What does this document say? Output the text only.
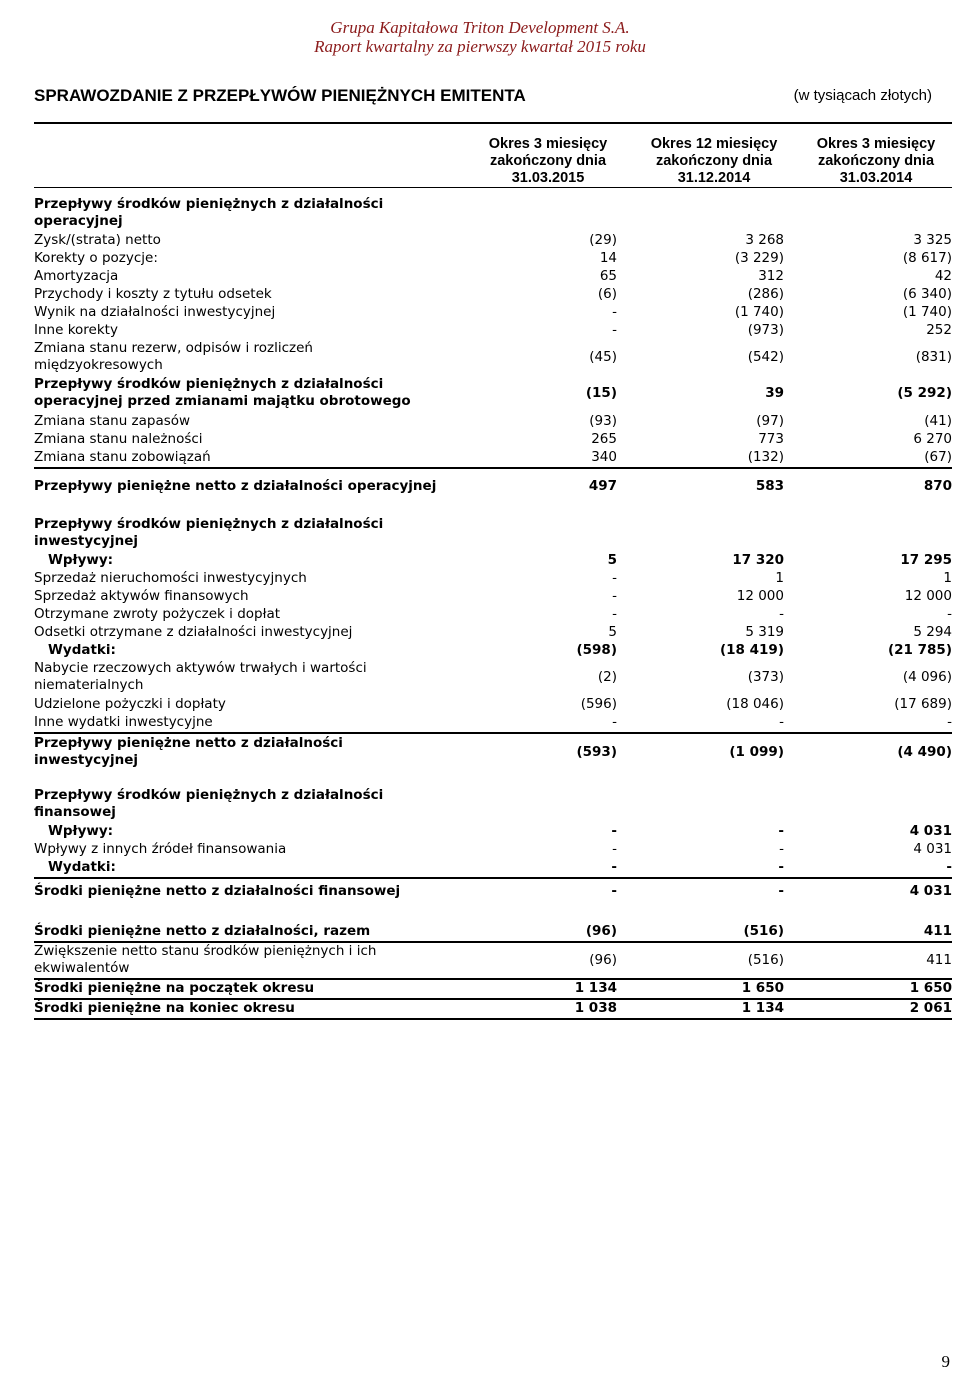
Grupa Kapitałowa Triton Development S.A.
Raport kwartalny za pierwszy kwartał 2015 roku
SPRAWOZDANIE Z PRZEPŁYWÓW PIENIĘŻNYCH EMITENTA	(w tysiącach złotych)
Okres 3 miesięcy
zakończony dnia
31.03.2015
Okres 12 miesięcy
zakończony dnia
31.12.2014
Okres 3 miesięcy
zakończony dnia
31.03.2014
Przepływy środków pieniężnych z działalności operacyjnej
Zysk/(strata) netto	(29)	3 268	3 325
Korekty o pozycje:	14	(3 229)	(8 617)
Amortyzacja	65	312	42
Przychody i koszty z tytułu odsetek	(6)	(286)	(6 340)
Wynik na działalności inwestycyjnej	-	(1 740)	(1 740)
Inne korekty	-	(973)	252
Zmiana stanu rezerw, odpisów i rozliczeń międzyokresowych	(45)	(542)	(831)
Przepływy środków pieniężnych z działalności operacyjnej przed zmianami majątku obrotowego	(15)	39	(5 292)
Zmiana stanu zapasów	(93)	(97)	(41)
Zmiana stanu należności	265	773	6 270
Zmiana stanu zobowiązań	340	(132)	(67)
Przepływy pieniężne netto z działalności operacyjnej	497	583	870
Przepływy środków pieniężnych z działalności inwestycyjnej
Wpływy:	5	17 320	17 295
Sprzedaż nieruchomości inwestycyjnych	-	1	1
Sprzedaż aktywów finansowych	-	12 000	12 000
Otrzymane zwroty pożyczek i dopłat	-	-	-
Odsetki otrzymane z działalności inwestycyjnej	5	5 319	5 294
Wydatki:	(598)	(18 419)	(21 785)
Nabycie rzeczowych aktywów trwałych i wartości niematerialnych	(2)	(373)	(4 096)
Udzielone pożyczki i dopłaty	(596)	(18 046)	(17 689)
Inne wydatki inwestycyjne	-	-	-
Przepływy pieniężne netto z działalności inwestycyjnej	(593)	(1 099)	(4 490)
Przepływy środków pieniężnych z działalności finansowej
Wpływy:	-	-	4 031
Wpływy z innych źródeł finansowania	-	-	4 031
Wydatki:	-	-	-
Środki pieniężne netto z działalności finansowej	-	-	4 031
Środki pieniężne netto z działalności, razem	(96)	(516)	411
Zwiększenie netto stanu środków pieniężnych i ich ekwiwalentów	(96)	(516)	411
Środki pieniężne na początek okresu	1 134	1 650	1 650
Środki pieniężne na koniec okresu	1 038	1 134	2 061
9
